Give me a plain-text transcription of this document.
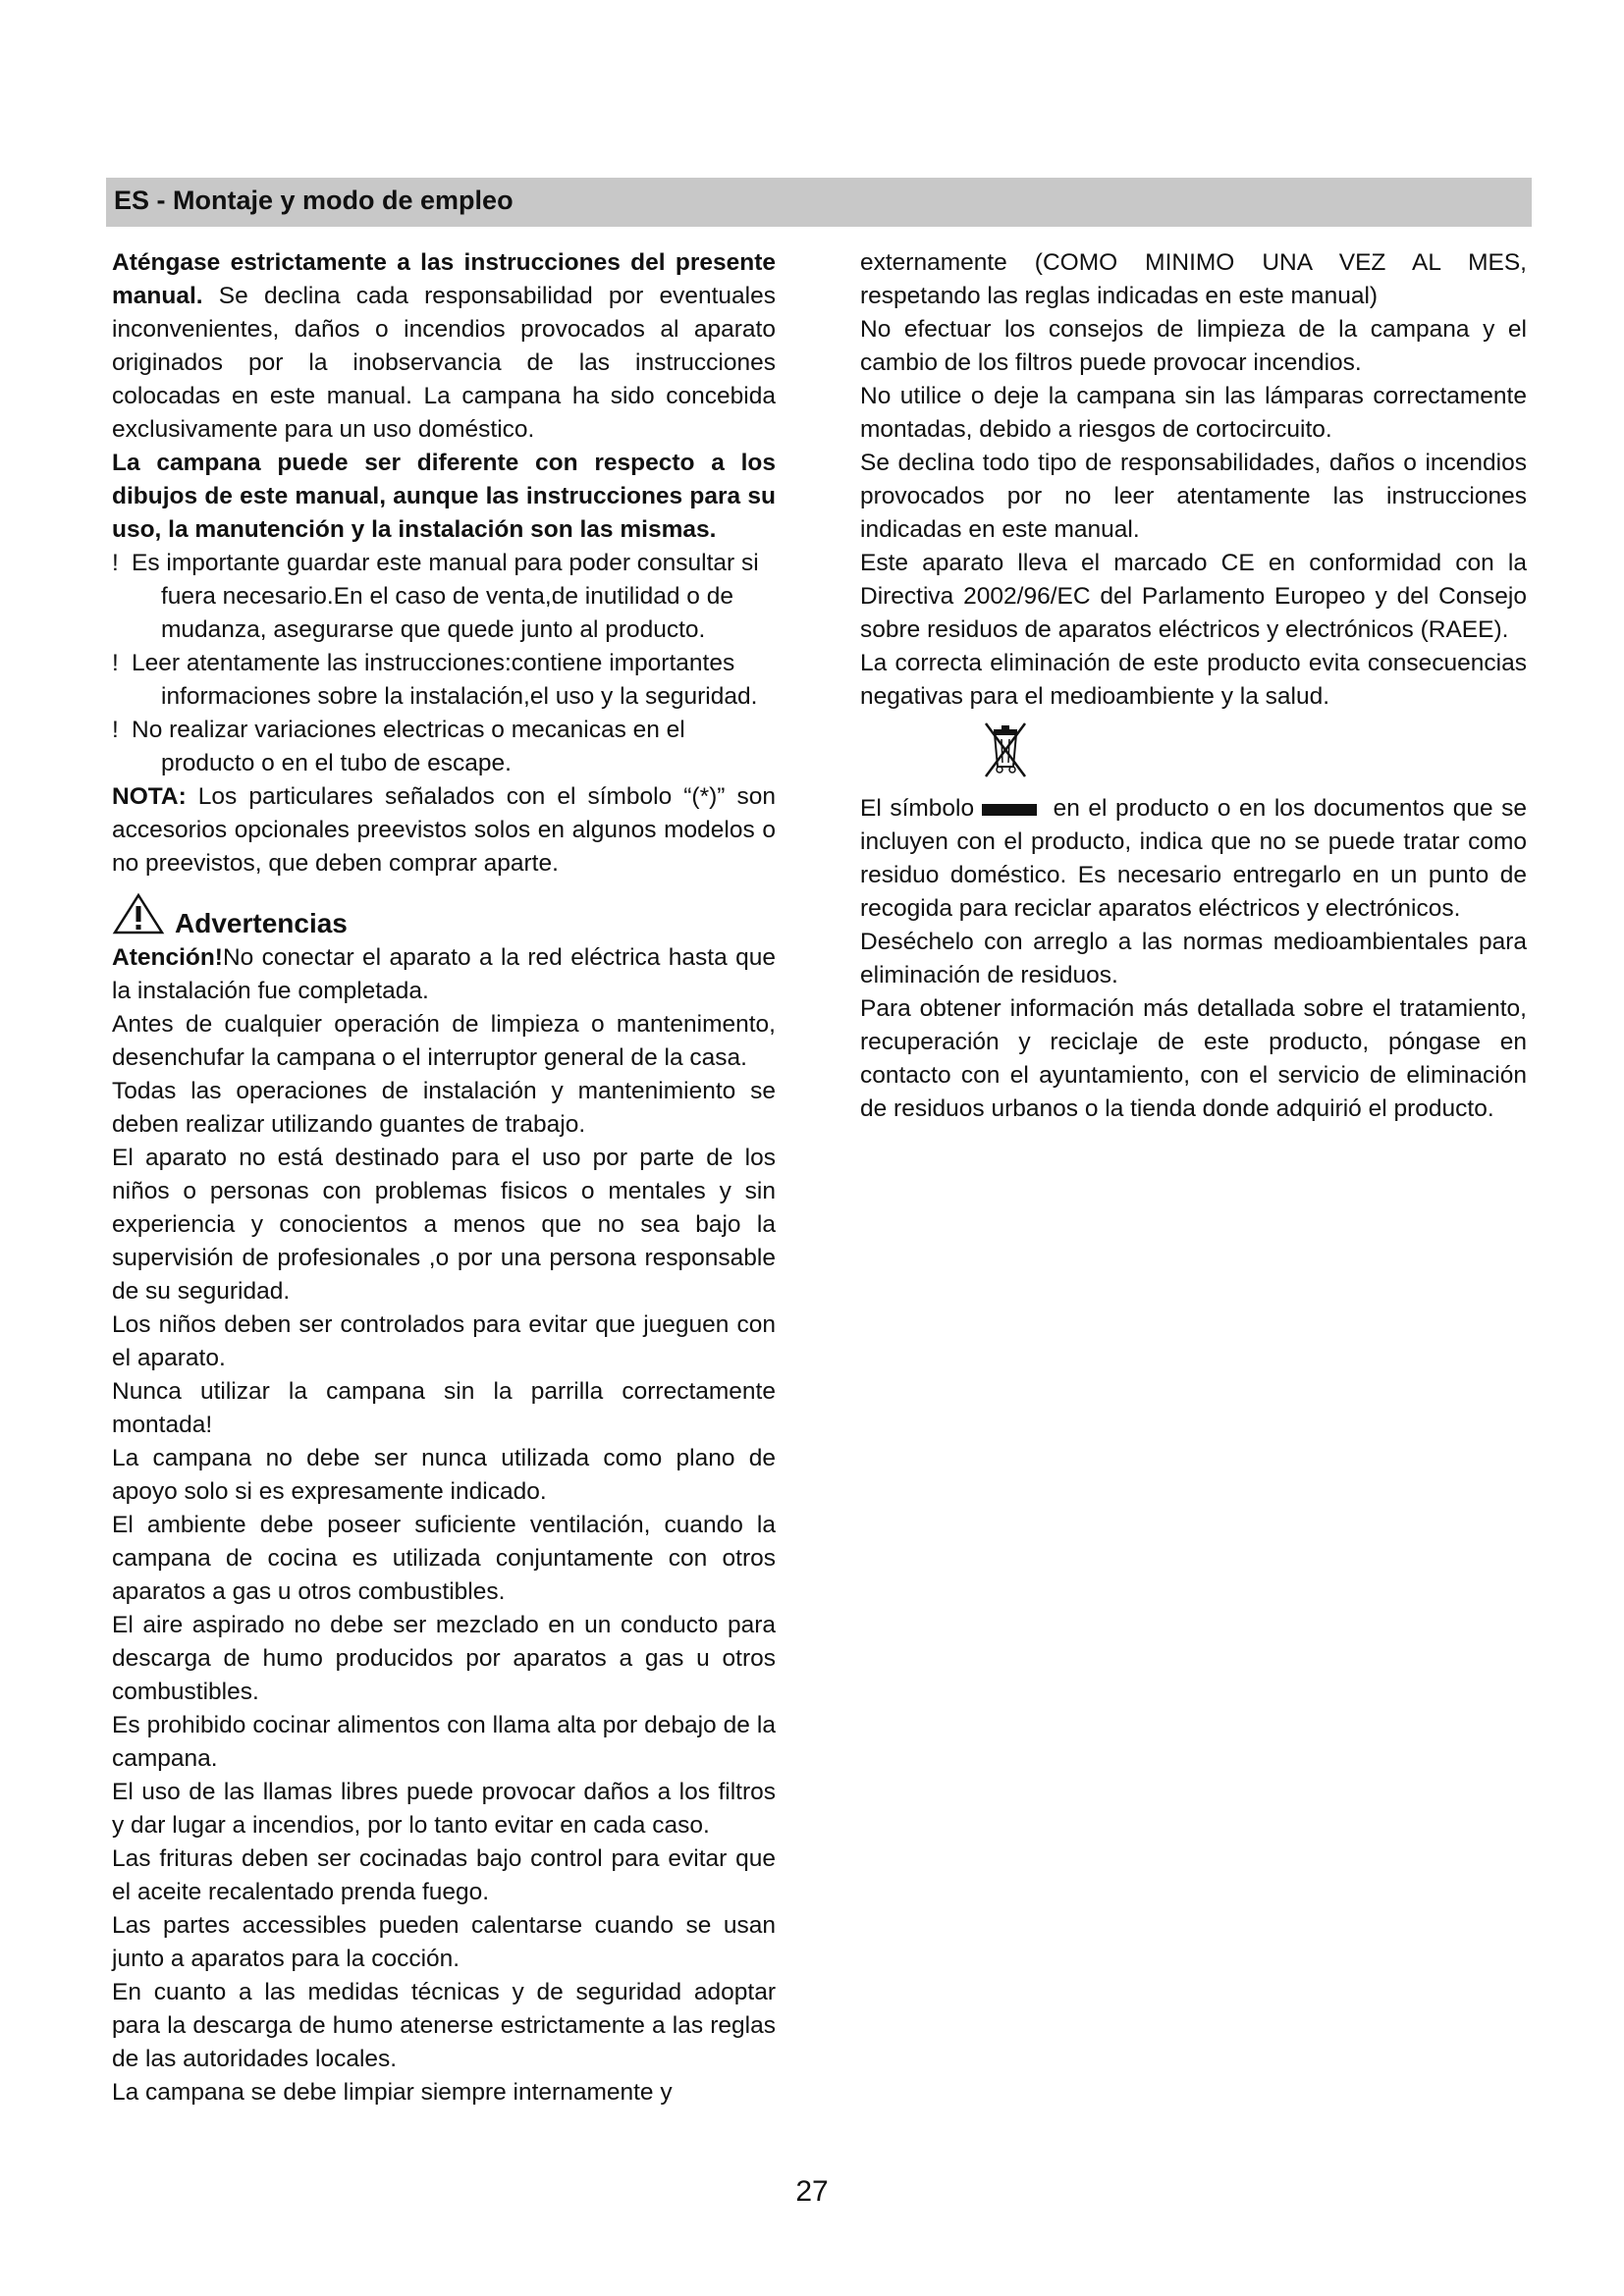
ES - Montaje y modo de empleo

Aténgase estrictamente a las instrucciones del presente manual. Se declina cada responsabilidad por eventuales inconvenientes, daños o incendios provocados al aparato originados por la inobservancia de las instrucciones colocadas en este manual. La campana ha sido concebida exclusivamente para un uso doméstico.

La campana puede ser diferente con respecto a los dibujos de este manual, aunque las instrucciones para su uso, la manutención y la instalación son las mismas.

! Es importante guardar este manual para poder consultar si fuera necesario.En el caso de venta,de inutilidad o de mudanza, asegurarse que quede junto al producto.

! Leer atentamente las instrucciones:contiene importantes informaciones sobre la instalación,el uso y la seguridad.

! No realizar variaciones electricas o mecanicas en el producto o en el tubo de escape.

NOTA: Los particulares señalados con el símbolo “(*)” son accesorios opcionales preevistos solos en algunos modelos o no preevistos, que deben comprar aparte.

Advertencias

Atención!No conectar el aparato a la red eléctrica hasta que la instalación fue completada.

Antes de cualquier operación de limpieza o mantenimento, desenchufar la campana o el interruptor general de la casa.

Todas las operaciones de instalación y mantenimiento se deben realizar utilizando guantes de trabajo.

El aparato no está destinado para el uso por parte de los niños o personas con problemas fisicos o mentales y sin experiencia y conocientos a menos que no sea bajo la supervisión de profesionales ,o por una persona responsable de su seguridad.

Los niños deben ser controlados para evitar que jueguen con el aparato.

Nunca utilizar la campana sin la parrilla correctamente montada!

La campana no debe ser nunca utilizada como plano de apoyo solo si es expresamente indicado.

El ambiente debe poseer suficiente ventilación, cuando la campana de cocina es utilizada conjuntamente con otros aparatos a gas u otros combustibles.

El aire aspirado no debe ser mezclado en un conducto para descarga de humo producidos por aparatos a gas u otros combustibles.

Es prohibido cocinar alimentos con llama alta por debajo de la campana.

El uso de las llamas libres puede provocar daños a los filtros y dar lugar a incendios, por lo tanto evitar en cada caso.

Las frituras deben ser cocinadas bajo control para evitar que el aceite recalentado prenda fuego.

Las partes accessibles pueden calentarse cuando se usan junto a aparatos para la cocción.

En cuanto a las medidas técnicas y de seguridad adoptar para la descarga de humo atenerse estrictamente a las reglas de las autoridades locales.

La campana se debe limpiar siempre internamente y

externamente (COMO MINIMO UNA VEZ AL MES, respetando las reglas indicadas en este manual)

No efectuar los consejos de limpieza de la campana y el cambio de los filtros puede provocar incendios.

No utilice o deje la campana sin las lámparas correctamente montadas, debido a riesgos de cortocircuito.

Se declina todo tipo de responsabilidades, daños o incendios provocados por no leer atentamente las instrucciones indicadas en este manual.

Este aparato lleva el marcado CE en conformidad con la Directiva 2002/96/EC del Parlamento Europeo y del Consejo sobre residuos de aparatos eléctricos y electrónicos (RAEE).

La correcta eliminación de este producto evita consecuencias negativas para el medioambiente y la salud.

El símbolo	en el producto o en los documentos que se incluyen con el producto, indica que no se puede tratar como residuo doméstico. Es necesario entregarlo en un punto de recogida para reciclar aparatos eléctricos y electrónicos.

Deséchelo con arreglo a las normas medioambientales para eliminación de residuos.

Para obtener información más detallada sobre el tratamiento, recuperación y reciclaje de este producto, póngase en contacto con el ayuntamiento, con el servicio de eliminación de residuos urbanos o la tienda donde adquirió el producto.

27
